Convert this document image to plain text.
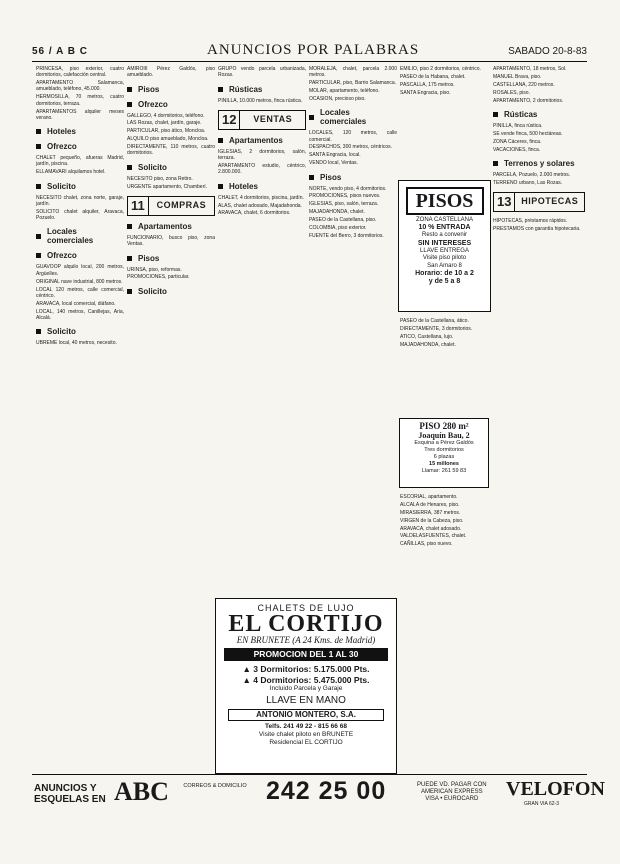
56 / A B C	ANUNCIOS POR PALABRAS	SABADO 20-8-83

PRINCESA, piso exterior, cuatro dormitorios, calefacción central.

APARTAMENTO Salamanca, amueblado, teléfono, 45.000.

HERMOSILLA, 70 metros, cuatro dormitorios, terraza.

APARTAMENTOS alquiler meses verano.

Hoteles
Ofrezco

CHALET pequeño, afueras Madrid, jardín, piscina.

ELLAMAVARI alquilamos hotel.

Solicito

NECESITO chalet, zona norte, garaje, jardín.

SOLICITO chalet alquiler, Aravaca, Pozuelo.

Locales comerciales
Ofrezco

GUAVOOP alquilo local, 200 metros, Argüelles.

ORIGINAL nave industrial, 800 metros.

LOCAL 120 metros, calle comercial, céntrico.

ARAVACA, local comercial, diáfano.

LOCAL, 140 metros, Canillejas, Aria, Alcalá.

Solicito

UBREME local, 40 metros, necesito.

AMIROIII Pérez Galdós, piso amueblado.

Pisos
Ofrezco

GALLEGO, 4 dormitorios, teléfono.

LAS Rozas, chalet, jardín, garaje.

PARTICULAR, piso ático, Moncloa.

ALQUILO piso amueblado, Moncloa.

DIRECTAMENTE, 110 metros, cuatro dormitorios.

Solicito

NECESITO piso, zona Retiro.

URGENTE apartamento, Chamberí.

11	COMPRAS
Apartamentos

FUNCIONARIO, busco piso, zona Ventas.

Pisos

URINSA, piso, reformas.

PROMOCIONES, particular.

Solicito

GRUPO vendo parcela urbanizada, Rozas.

Rústicas

PINILLA, 10.000 metros, finca rústica.

12	VENTAS
Apartamentos

IGLESIAS, 2 dormitorios, salón, terraza.

APARTAMENTO estudio, céntrico, 2.800.000.

Hoteles

CHALET, 4 dormitorios, piscina, jardín.

ALAS, chalet adosado, Majadahonda.

ARAVACA, chalet, 6 dormitorios.

MORALEJA, chalet, parcela 2.000 metros.

PARTICULAR, piso, Barrio Salamanca.

MOLAR, apartamento, teléfono.

OCASION, precioso piso.

Locales comerciales

LOCALES, 120 metros, calle comercial.

DESPACHOS, 300 metros, céntricos.

SANTA Engracia, local.

VENDO local, Ventas.

Pisos

NORTE, vendo piso, 4 dormitorios.

PROMOCIONES, pisos nuevos.

IGLESIAS, piso, salón, terraza.

MAJADAHONDA, chalet.

PASEO de la Castellana, piso.

COLOMBIA, piso exterior.

FUENTE del Berro, 3 dormitorios.

EMILIO, piso 2 dormitorios, céntrico.

PASEO de la Habana, chalet.

PASCALLA, 175 metros.

SANTA Engracia, piso.

PASEO de la Castellana, ático.

DIRECTAMENTE, 3 dormitorios.

ATICO, Castellana, lujo.

MAJADAHONDA, chalet.

ESCORIAL, apartamento.

ALCALA de Henares, piso.

MIRASIERRA, 387 metros.

VIRGEN de la Cabeza, piso.

ARAVACA, chalet adosado.

VALDELASFUENTES, chalet.

CAÑILLAS, piso nuevo.

APARTAMENTO, 18 metros, Sol.

MANUEL Brava, piso.

CASTELLANA, 220 metros.

ROSALES, piso.

APARTAMENTO, 2 dormitorios.

Rústicas

PINILLA, finca rústica.

SE vende finca, 500 hectáreas.

ZONA Cáceres, finca.

VACACIONES, finca.

Terrenos y solares

PARCELA, Pozuelo, 2.000 metros.

TERRENO urbano, Las Rozas.

13	HIPOTECAS

HIPOTECAS, préstamos rápidos.

PRESTAMOS con garantía hipotecaria.

PISOS
ZONA CASTELLANA
10 % ENTRADA
Resto a convenir
SIN INTERESES
LLAVE ENTREGA
Visite piso piloto
San Amaro 8
Horario: de 10 a 2
y de 5 a 8
PISO 280 m²
Joaquín Bau, 2
Esquina a Pérez Galdós
Tres dormitorios
6 plazas
15 millones
Llamar: 261 59 83
CHALETS DE LUJO
EL CORTIJO
EN BRUNETE (A 24 Kms. de Madrid)
PROMOCION DEL 1 AL 30
▲ 3 Dormitorios: 5.175.000 Pts.
▲ 4 Dormitorios: 5.475.000 Pts.
Incluido Parcela y Garaje
LLAVE EN MANO
ANTONIO MONTERO, S.A.
Telfs. 241 49 22 - 815 66 68
Visite chalet piloto en BRUNETE
Residencial EL CORTIJO
ANUNCIOS Y
ESQUELAS EN ABC	CORREOS & DOMICILIO 242 25 00	PUEDE VD. PAGAR CON
AMERICAN EXPRESS
VISA • EUROCARD	VELOFON
GRAN VIA 62-3
